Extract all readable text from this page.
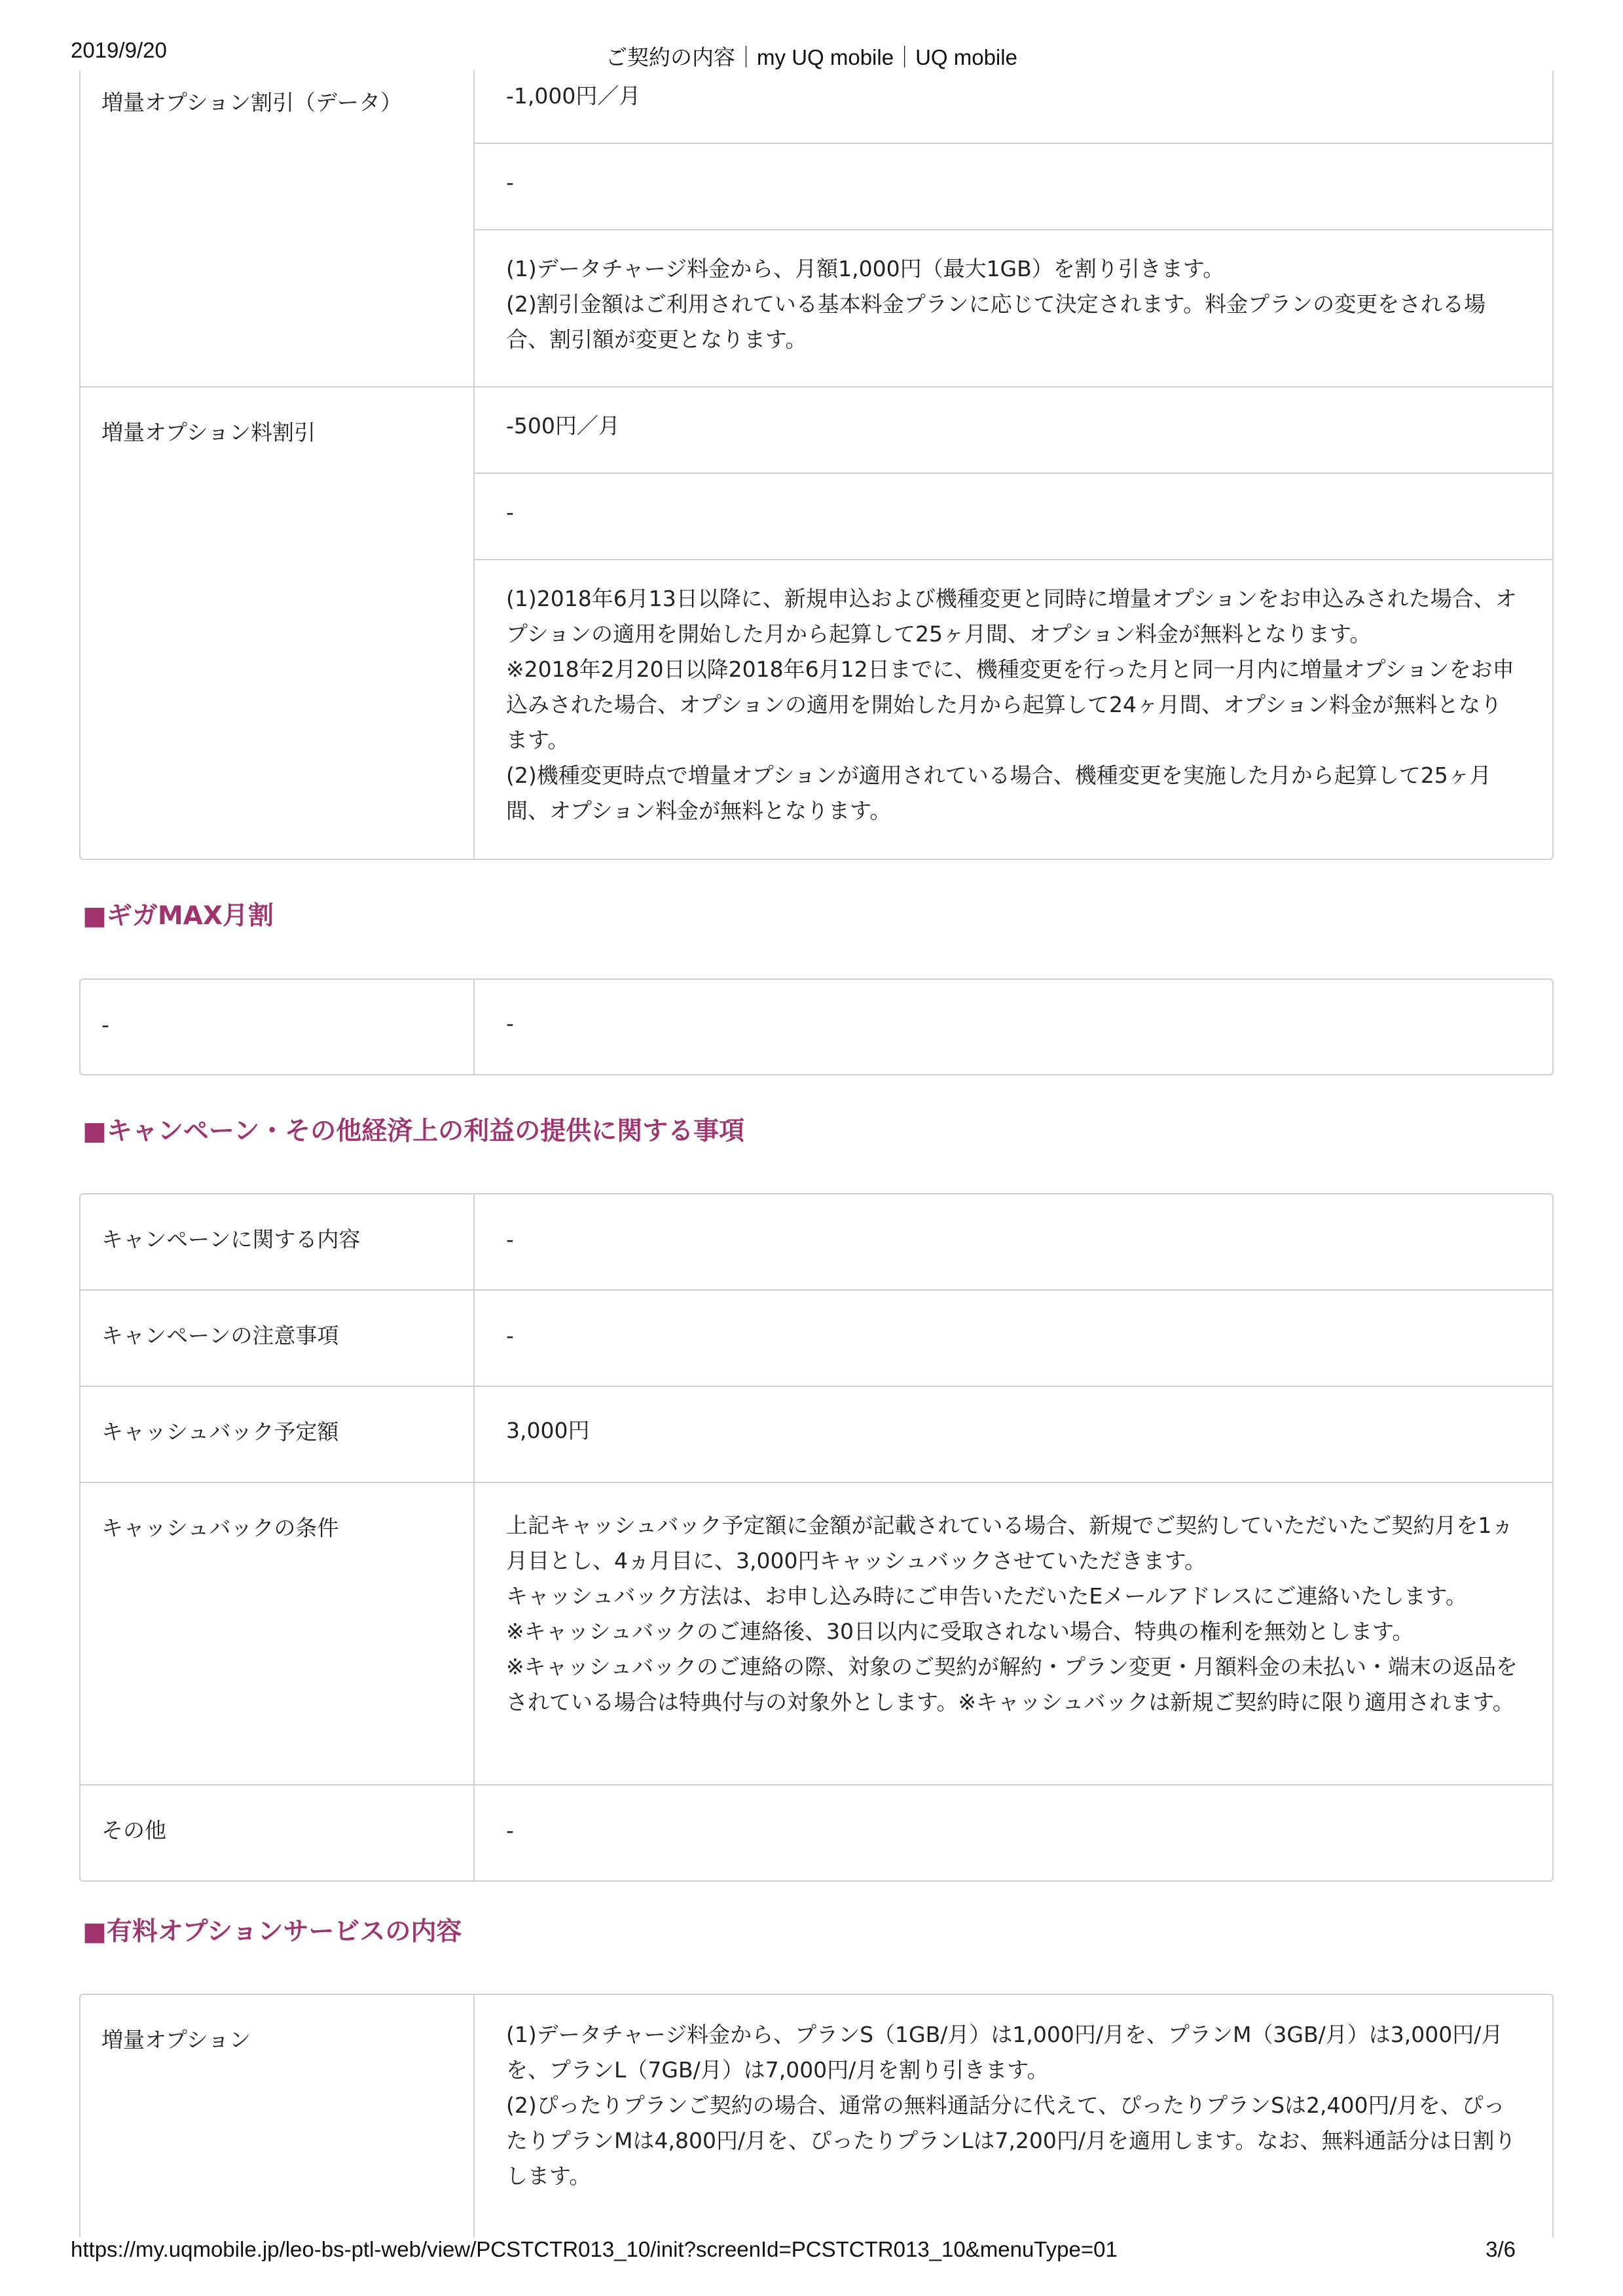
2019/9/20	ご契約の内容｜my UQ mobile｜UQ mobile
増量オプション割引（データ）	-1,000円／月
-
(1)データチャージ料金から、月額1,000円（最大1GB）を割り引きます。
(2)割引金額はご利用されている基本料金プランに応じて決定されます。料金プランの変更をされる場合、割引額が変更となります。
増量オプション料割引	-500円／月
-
(1)2018年6月13日以降に、新規申込および機種変更と同時に増量オプションをお申込みされた場合、オプションの適用を開始した月から起算して25ヶ月間、オプション料金が無料となります。
※2018年2月20日以降2018年6月12日までに、機種変更を行った月と同一月内に増量オプションをお申込みされた場合、オプションの適用を開始した月から起算して24ヶ月間、オプション料金が無料となります。
(2)機種変更時点で増量オプションが適用されている場合、機種変更を実施した月から起算して25ヶ月間、オプション料金が無料となります。
■ギガMAX月割
-	-
■キャンペーン・その他経済上の利益の提供に関する事項
キャンペーンに関する内容	-
キャンペーンの注意事項	-
キャッシュバック予定額	3,000円
キャッシュバックの条件	上記キャッシュバック予定額に金額が記載されている場合、新規でご契約していただいたご契約月を1ヵ月目とし、4ヵ月目に、3,000円キャッシュバックさせていただきます。
キャッシュバック方法は、お申し込み時にご申告いただいたEメールアドレスにご連絡いたします。
※キャッシュバックのご連絡後、30日以内に受取されない場合、特典の権利を無効とします。
※キャッシュバックのご連絡の際、対象のご契約が解約・プラン変更・月額料金の未払い・端末の返品をされている場合は特典付与の対象外とします。※キャッシュバックは新規ご契約時に限り適用されます。
その他	-
■有料オプションサービスの内容
増量オプション	(1)データチャージ料金から、プランS（1GB/月）は1,000円/月を、プランM（3GB/月）は3,000円/月を、プランL（7GB/月）は7,000円/月を割り引きます。
(2)ぴったりプランご契約の場合、通常の無料通話分に代えて、ぴったりプランSは2,400円/月を、ぴったりプランMは4,800円/月を、ぴったりプランLは7,200円/月を適用します。なお、無料通話分は日割りします。
https://my.uqmobile.jp/leo-bs-ptl-web/view/PCSTCTR013_10/init?screenId=PCSTCTR013_10&menuType=01	3/6
